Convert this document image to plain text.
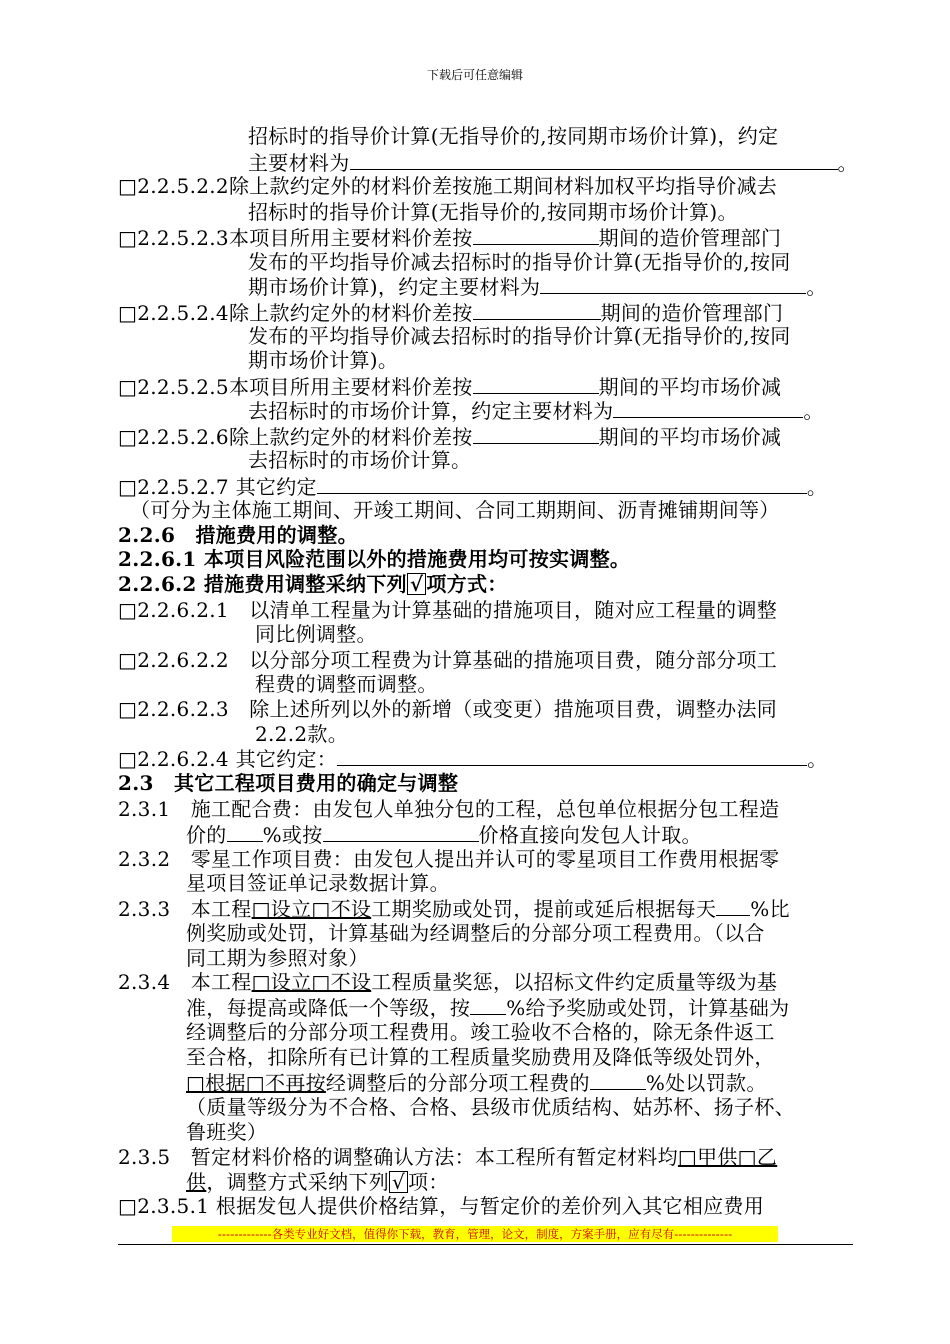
下载后可任意编辑
招标时的指导价计算(无指导价的,按同期市场价计算)，约定
主要材料为	。
□2.2.5.2.2除上款约定外的材料价差按施工期间材料加权平均指导价减去
招标时的指导价计算(无指导价的,按同期市场价计算)。
□2.2.5.2.3本项目所用主要材料价差按	期间的造价管理部门
发布的平均指导价减去招标时的指导价计算(无指导价的,按同
期市场价计算)，约定主要材料为	。
□2.2.5.2.4除上款约定外的材料价差按	期间的造价管理部门
发布的平均指导价减去招标时的指导价计算(无指导价的,按同
期市场价计算)。
□2.2.5.2.5本项目所用主要材料价差按	期间的平均市场价减
去招标时的市场价计算，约定主要材料为	。
□2.2.5.2.6除上款约定外的材料价差按	期间的平均市场价减
去招标时的市场价计算。
□2.2.5.2.7 其它约定	。
（可分为主体施工期间、开竣工期间、合同工期期间、沥青摊铺期间等）
2.2.6　措施费用的调整。
2.2.6.1 本项目风险范围以外的措施费用均可按实调整。
2.2.6.2 措施费用调整采纳下列 √ 项方式：
□2.2.6.2.1　以清单工程量为计算基础的措施项目，随对应工程量的调整
同比例调整。
□2.2.6.2.2　以分部分项工程费为计算基础的措施项目费，随分部分项工
程费的调整而调整。
□2.2.6.2.3　除上述所列以外的新增（或变更）措施项目费，调整办法同
2.2.2款。
□2.2.6.2.4 其它约定：	。
2.3　其它工程项目费用的确定与调整
2.3.1　施工配合费：由发包人单独分包的工程，总包单位根据分包工程造
价的 %或按	价格直接向发包人计取。
2.3.2　零星工作项目费：由发包人提出并认可的零星项目工作费用根据零
星项目签证单记录数据计算。
2.3.3　本工程□设立□不设工期奖励或处罚，提前或延后根据每天 %比
例奖励或处罚，计算基础为经调整后的分部分项工程费用。（以合
同工期为参照对象）
2.3.4　本工程□设立□不设工程质量奖惩，以招标文件约定质量等级为基
准，每提高或降低一个等级，按 %给予奖励或处罚，计算基础为
经调整后的分部分项工程费用。竣工验收不合格的，除无条件返工
至合格，扣除所有已计算的工程质量奖励费用及降低等级处罚外，
□根据□不再按经调整后的分部分项工程费的	%处以罚款。
（质量等级分为不合格、合格、县级市优质结构、姑苏杯、扬子杯、
鲁班奖）
2.3.5　暂定材料价格的调整确认方法：本工程所有暂定材料均□甲供□乙
供，调整方式采纳下列 √ 项：
□2.3.5.1 根据发包人提供价格结算，与暂定价的差价列入其它相应费用
-------------各类专业好文档，值得你下载，教育，管理，论文，制度，方案手册，应有尽有--------------
